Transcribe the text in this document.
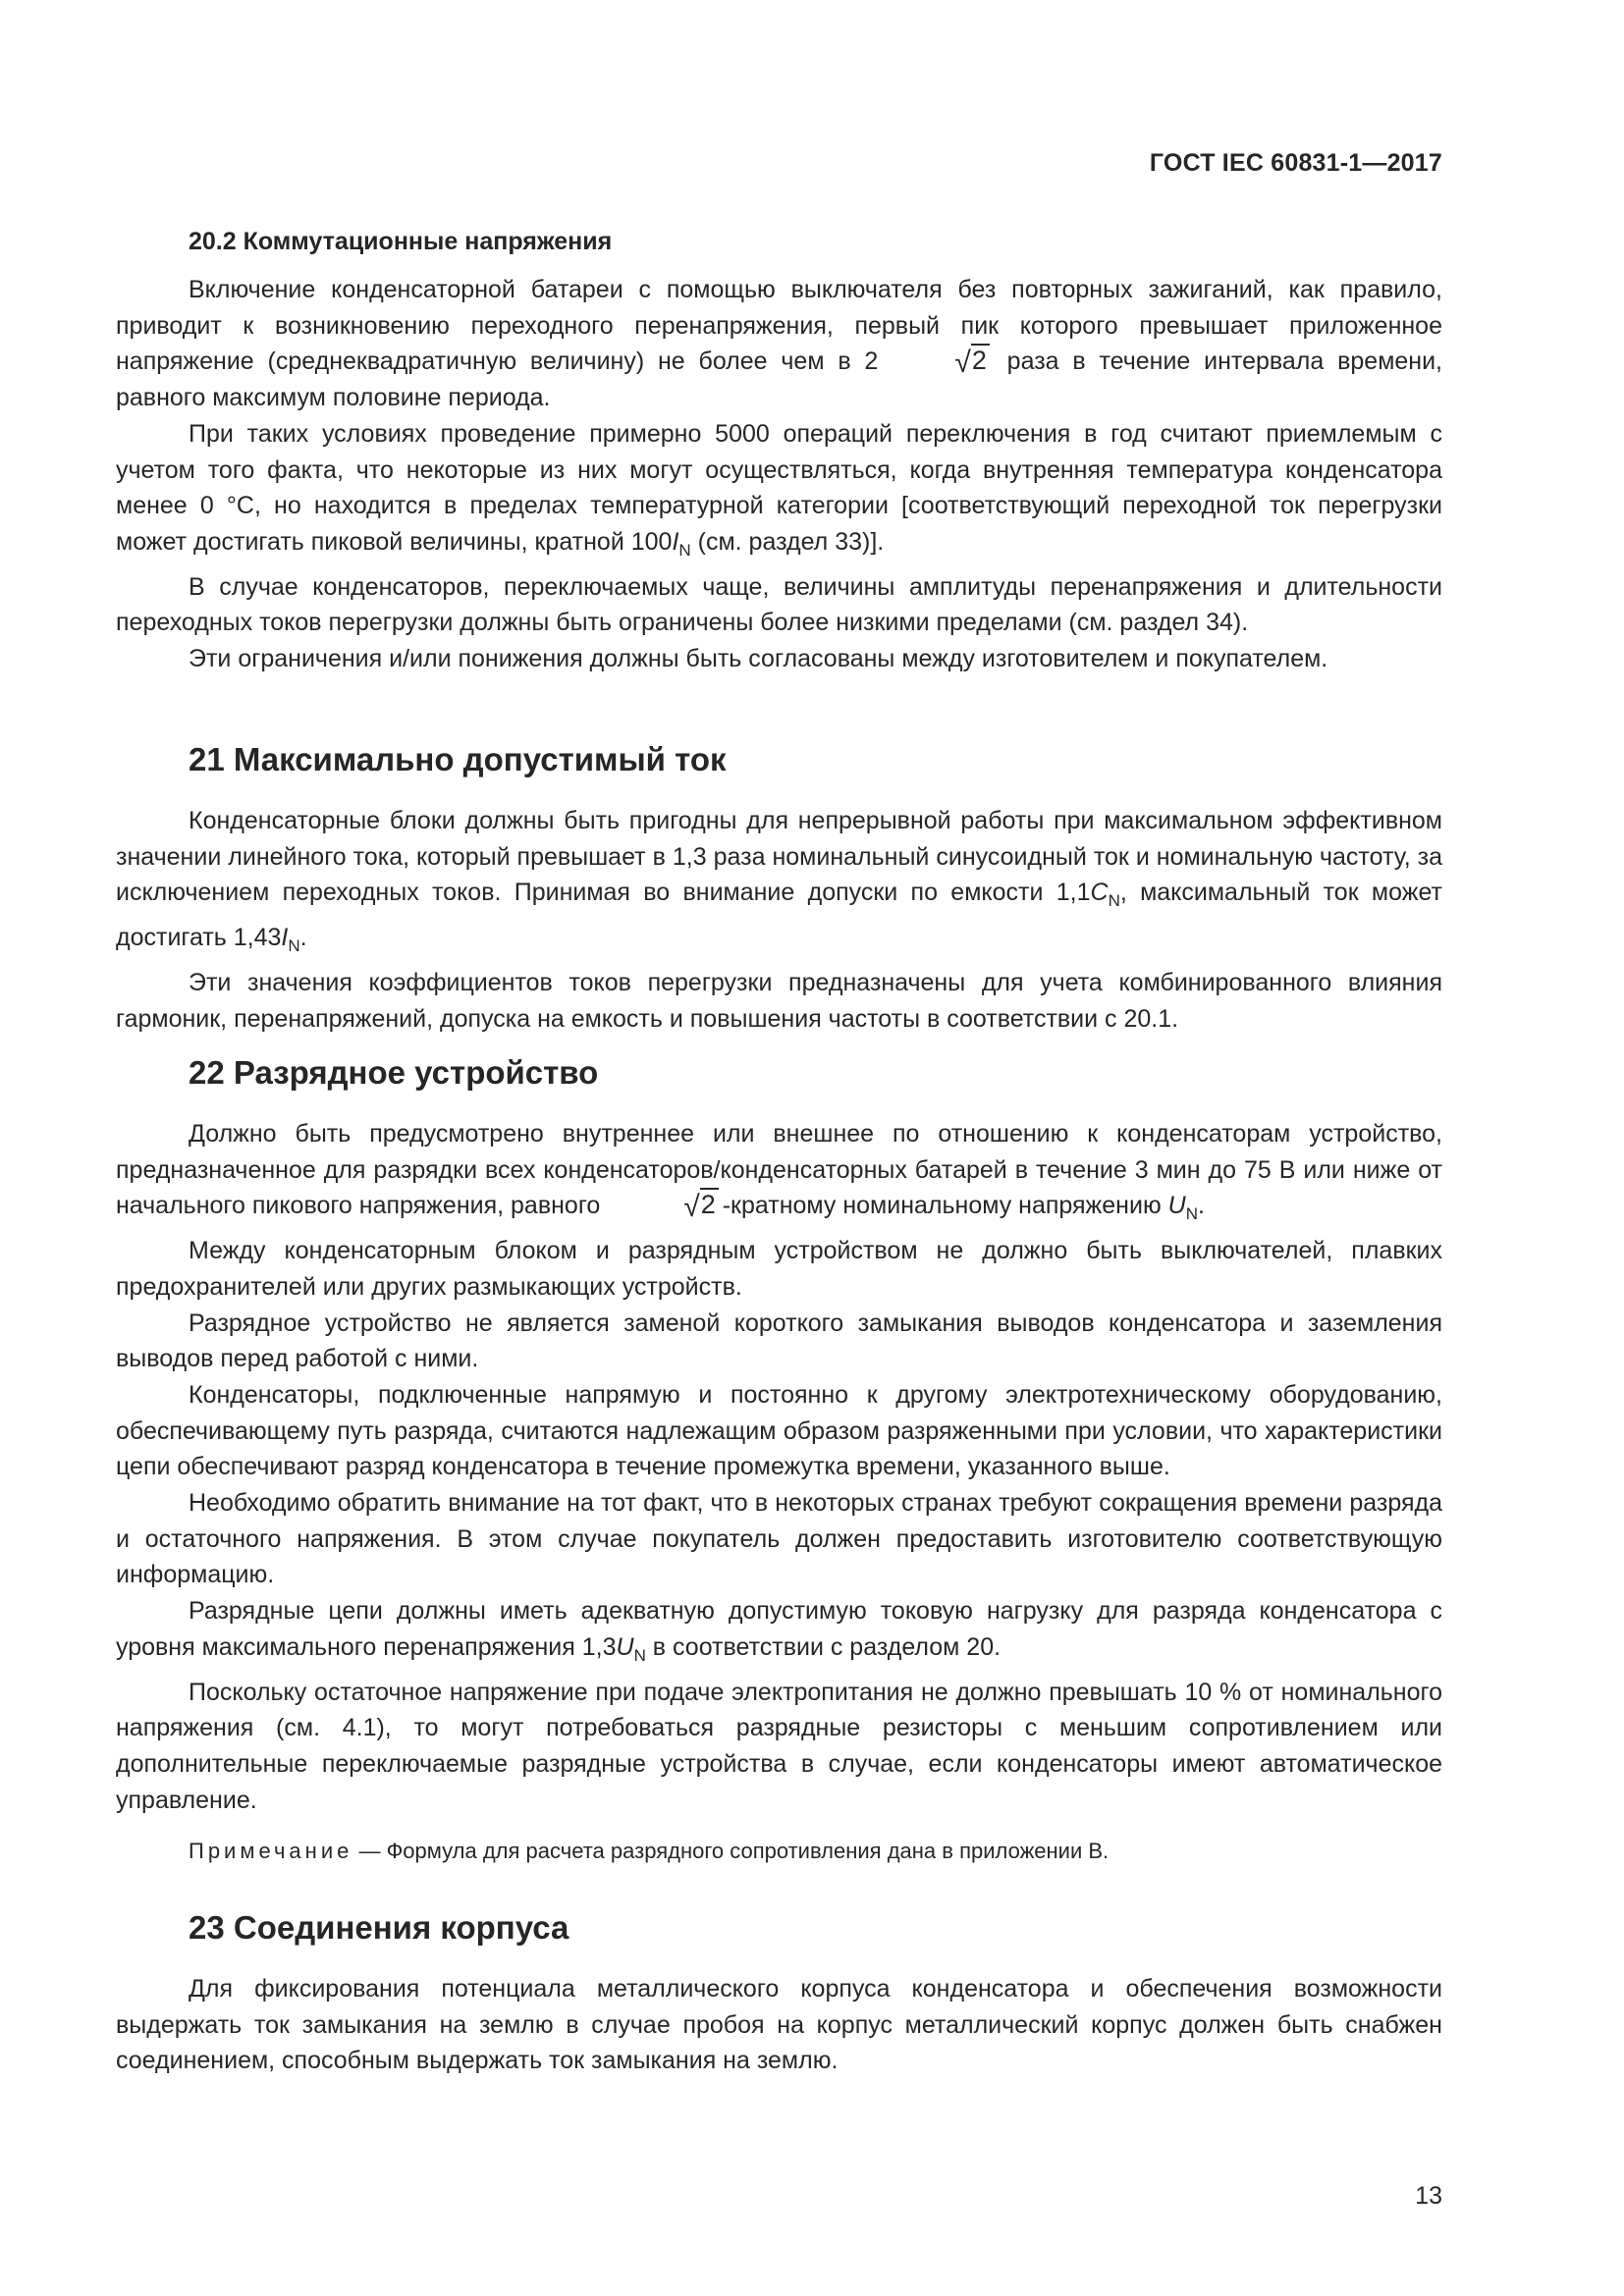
ГОСТ IEC 60831-1—2017
20.2 Коммутационные напряжения

Включение конденсаторной батареи с помощью выключателя без повторных зажиганий, как правило, приводит к возникновению переходного перенапряжения, первый пик которого превышает приложенное напряжение (среднеквадратичную величину) не более чем в 2	√2 раза в течение интервала времени, равного максимум половине периода.

При таких условиях проведение примерно 5000 операций переключения в год считают приемлемым с учетом того факта, что некоторые из них могут осуществляться, когда внутренняя температура конденсатора менее 0 °C, но находится в пределах температурной категории [соответствующий переходной ток перегрузки может достигать пиковой величины, кратной $100I_N$ (см. раздел 33)].

В случае конденсаторов, переключаемых чаще, величины амплитуды перенапряжения и длительности переходных токов перегрузки должны быть ограничены более низкими пределами (см. раздел 34).

Эти ограничения и/или понижения должны быть согласованы между изготовителем и покупателем.

21 Максимально допустимый ток

Конденсаторные блоки должны быть пригодны для непрерывной работы при максимальном эффективном значении линейного тока, который превышает в 1,3 раза номинальный синусоидный ток и номинальную частоту, за исключением переходных токов. Принимая во внимание допуски по емкости $1,1C_N$, максимальный ток может достигать $1,43I_N$.

Эти значения коэффициентов токов перегрузки предназначены для учета комбинированного влияния гармоник, перенапряжений, допуска на емкость и повышения частоты в соответствии с 20.1.

22 Разрядное устройство

Должно быть предусмотрено внутреннее или внешнее по отношению к конденсаторам устройство, предназначенное для разрядки всех конденсаторов/конденсаторных батарей в течение 3 мин до 75 В или ниже от начального пикового напряжения, равного	√2 -кратному номинальному напряжению $U_N$.

Между конденсаторным блоком и разрядным устройством не должно быть выключателей, плавких предохранителей или других размыкающих устройств.

Разрядное устройство не является заменой короткого замыкания выводов конденсатора и заземления выводов перед работой с ними.

Конденсаторы, подключенные напрямую и постоянно к другому электротехническому оборудованию, обеспечивающему путь разряда, считаются надлежащим образом разряженными при условии, что характеристики цепи обеспечивают разряд конденсатора в течение промежутка времени, указанного выше.

Необходимо обратить внимание на тот факт, что в некоторых странах требуют сокращения времени разряда и остаточного напряжения. В этом случае покупатель должен предоставить изготовителю соответствующую информацию.

Разрядные цепи должны иметь адекватную допустимую токовую нагрузку для разряда конденсатора с уровня максимального перенапряжения $1,3U_N$ в соответствии с разделом 20.

Поскольку остаточное напряжение при подаче электропитания не должно превышать 10 % от номинального напряжения (см. 4.1), то могут потребоваться разрядные резисторы с меньшим сопротивлением или дополнительные переключаемые разрядные устройства в случае, если конденсаторы имеют автоматическое управление.

Примечание — Формула для расчета разрядного сопротивления дана в приложении В.

23 Соединения корпуса

Для фиксирования потенциала металлического корпуса конденсатора и обеспечения возможности выдержать ток замыкания на землю в случае пробоя на корпус металлический корпус должен быть снабжен соединением, способным выдержать ток замыкания на землю.

13
